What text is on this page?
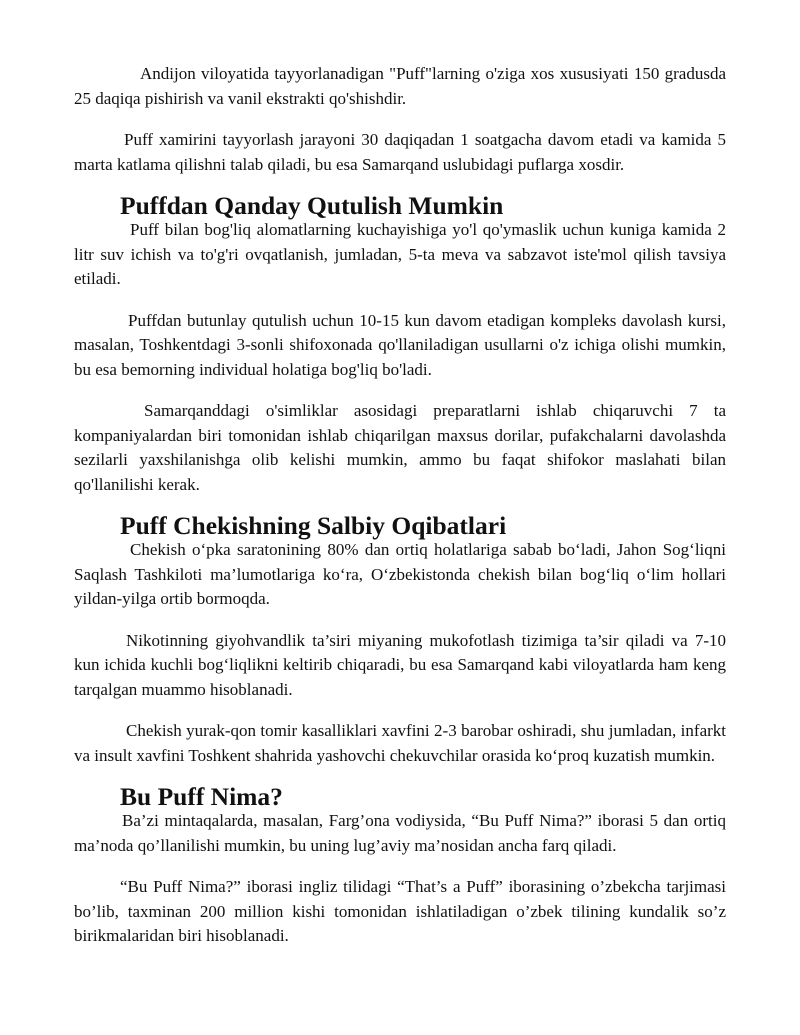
Andijon viloyatida tayyorlanadigan "Puff"larning o'ziga xos xususiyati 150 gradusda 25 daqiqa pishirish va vanil ekstrakti qo'shishdir.

Puff xamirini tayyorlash jarayoni 30 daqiqadan 1 soatgacha davom etadi va kamida 5 marta katlama qilishni talab qiladi, bu esa Samarqand uslubidagi puflarga xosdir.

Puffdan Qanday Qutulish Mumkin

Puff bilan bog'liq alomatlarning kuchayishiga yo'l qo'ymaslik uchun kuniga kamida 2 litr suv ichish va to'g'ri ovqatlanish, jumladan, 5-ta meva va sabzavot iste'mol qilish tavsiya etiladi.

Puffdan butunlay qutulish uchun 10-15 kun davom etadigan kompleks davolash kursi, masalan, Toshkentdagi 3-sonli shifoxonada qo'llaniladigan usullarni o'z ichiga olishi mumkin, bu esa bemorning individual holatiga bog'liq bo'ladi.

Samarqanddagi o'simliklar asosidagi preparatlarni ishlab chiqaruvchi 7 ta kompaniyalardan biri tomonidan ishlab chiqarilgan maxsus dorilar, pufakchalarni davolashda sezilarli yaxshilanishga olib kelishi mumkin, ammo bu faqat shifokor maslahati bilan qo'llanilishi kerak.

Puff Chekishning Salbiy Oqibatlari

Chekish o‘pka saratonining 80% dan ortiq holatlariga sabab bo‘ladi, Jahon Sog‘liqni Saqlash Tashkiloti ma’lumotlariga ko‘ra, O‘zbekistonda chekish bilan bog‘liq o‘lim hollari yildan-yilga ortib bormoqda.

Nikotinning giyohvandlik ta’siri miyaning mukofotlash tizimiga ta’sir qiladi va 7-10 kun ichida kuchli bog‘liqlikni keltirib chiqaradi, bu esa Samarqand kabi viloyatlarda ham keng tarqalgan muammo hisoblanadi.

Chekish yurak-qon tomir kasalliklari xavfini 2-3 barobar oshiradi, shu jumladan, infarkt va insult xavfini Toshkent shahrida yashovchi chekuvchilar orasida ko‘proq kuzatish mumkin.

Bu Puff Nima?

Ba’zi mintaqalarda, masalan, Farg’ona vodiysida, “Bu Puff Nima?” iborasi 5 dan ortiq ma’noda qo’llanilishi mumkin, bu uning lug’aviy ma’nosidan ancha farq qiladi.

“Bu Puff Nima?” iborasi ingliz tilidagi “That’s a Puff” iborasining o’zbekcha tarjimasi bo’lib, taxminan 200 million kishi tomonidan ishlatiladigan o’zbek tilining kundalik so’z birikmalaridan biri hisoblanadi.
